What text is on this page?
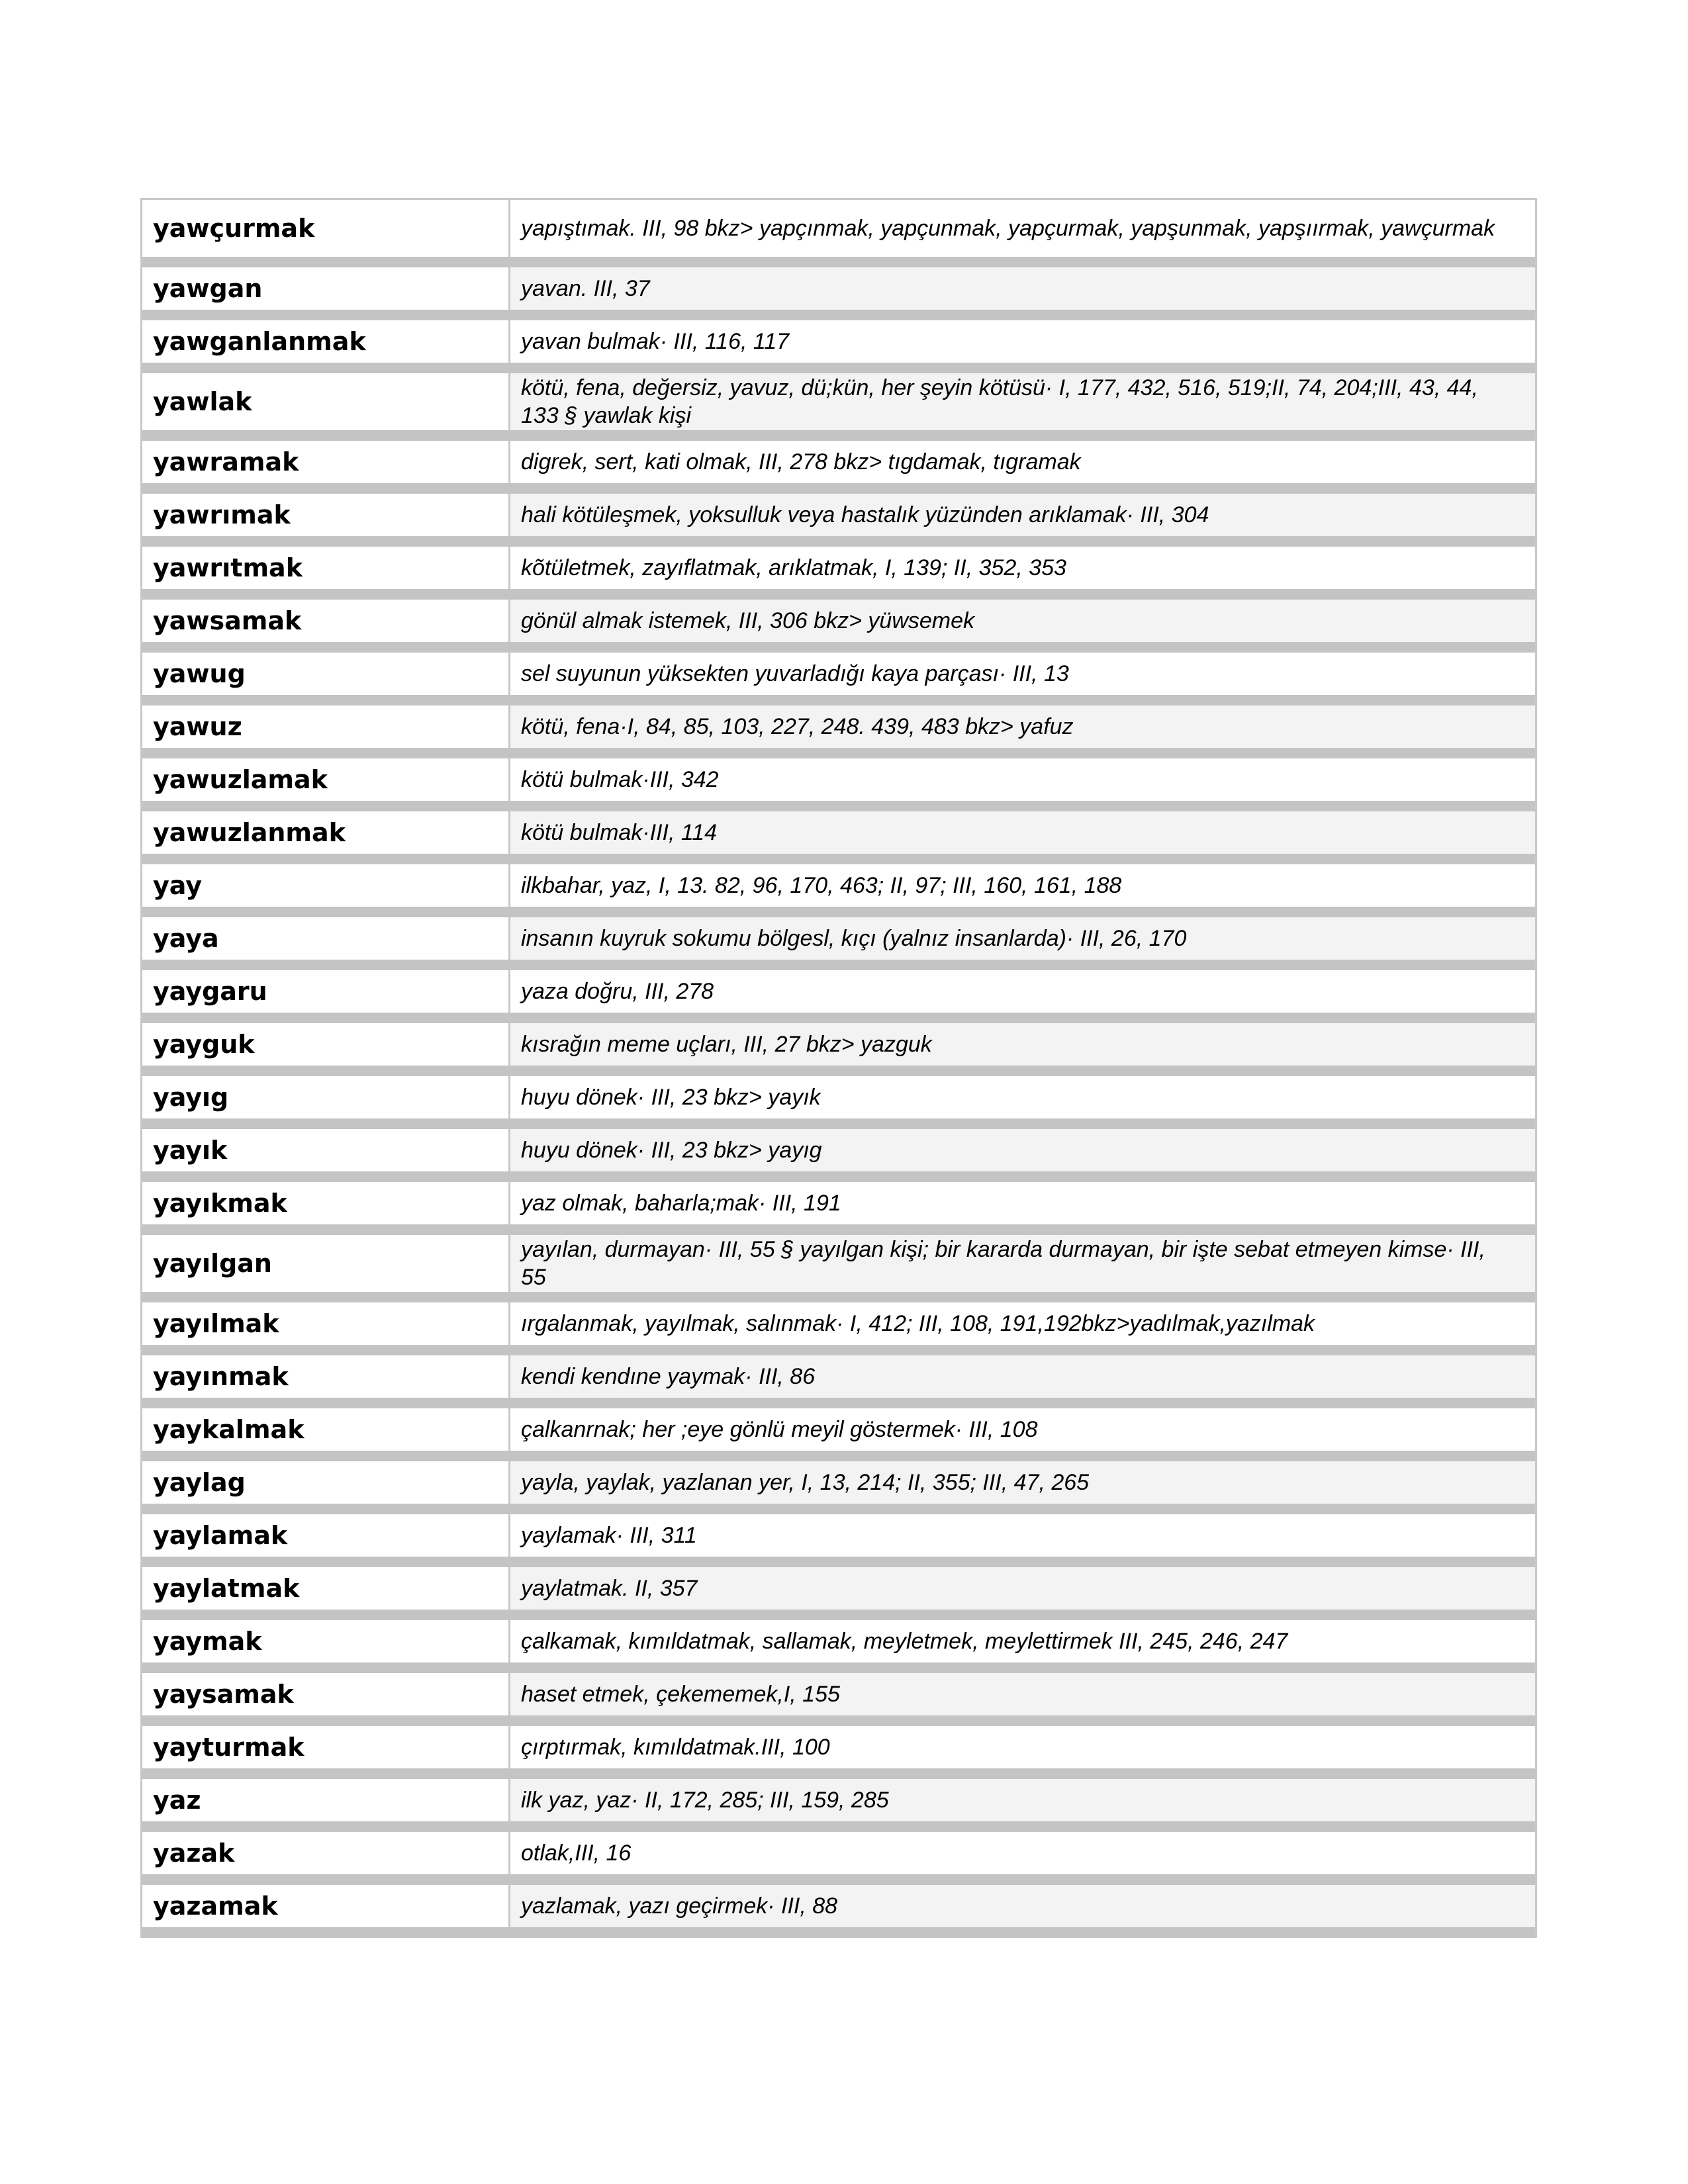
yawçurmak	yapıştımak. III, 98 bkz> yapçınmak, yapçunmak, yapçurmak, yapşunmak, yapşıırmak, yawçurmak
yawgan	yavan. III, 37
yawganlanmak	yavan bulmak· III, 116, 117
yawlak	kötü, fena, değersiz, yavuz, dü;kün, her şeyin kötüsü· I, 177, 432, 516, 519;II, 74, 204;III, 43, 44, 133 § yawlak kişi
yawramak	digrek, sert, kati olmak, III, 278 bkz> tıgdamak, tıgramak
yawrımak	hali kötüleşmek, yoksulluk veya hastalık yüzünden arıklamak· III, 304
yawrıtmak	kõtületmek, zayıflatmak, arıklatmak, I, 139; II, 352, 353
yawsamak	gönül almak istemek, III, 306 bkz> yüwsemek
yawug	sel suyunun yüksekten yuvarladığı kaya parçası· III, 13
yawuz	kötü, fena·I, 84, 85, 103, 227, 248. 439, 483 bkz> yafuz
yawuzlamak	kötü bulmak·III, 342
yawuzlanmak	kötü bulmak·III, 114
yay	ilkbahar, yaz, I, 13. 82, 96, 170, 463; II, 97; III, 160, 161, 188
yaya	insanın kuyruk sokumu bölgesl, kıçı (yalnız insanlarda)· III, 26, 170
yaygaru	yaza doğru, III, 278
yayguk	kısrağın meme uçları, III, 27 bkz> yazguk
yayıg	huyu dönek· III, 23 bkz> yayık
yayık	huyu dönek· III, 23 bkz> yayıg
yayıkmak	yaz olmak, baharla;mak· III, 191
yayılgan	yayılan, durmayan· III, 55 § yayılgan kişi; bir kararda durmayan, bir işte sebat etmeyen kimse· III, 55
yayılmak	ırgalanmak, yayılmak, salınmak· I, 412; III, 108, 191,192bkz>yadılmak,yazılmak
yayınmak	kendi kendıne yaymak· III, 86
yaykalmak	çalkanrnak; her ;eye gönlü meyil göstermek· III, 108
yaylag	yayla, yaylak, yazlanan yer, I, 13, 214; II, 355; III, 47, 265
yaylamak	yaylamak· III, 311
yaylatmak	yaylatmak. II, 357
yaymak	çalkamak, kımıldatmak, sallamak, meyletmek, meylettirmek III, 245, 246, 247
yaysamak	haset etmek, çekememek,I, 155
yayturmak	çırptırmak, kımıldatmak.III, 100
yaz	ilk yaz, yaz· II, 172, 285; III, 159, 285
yazak	otlak,III, 16
yazamak	yazlamak, yazı geçirmek· III, 88
